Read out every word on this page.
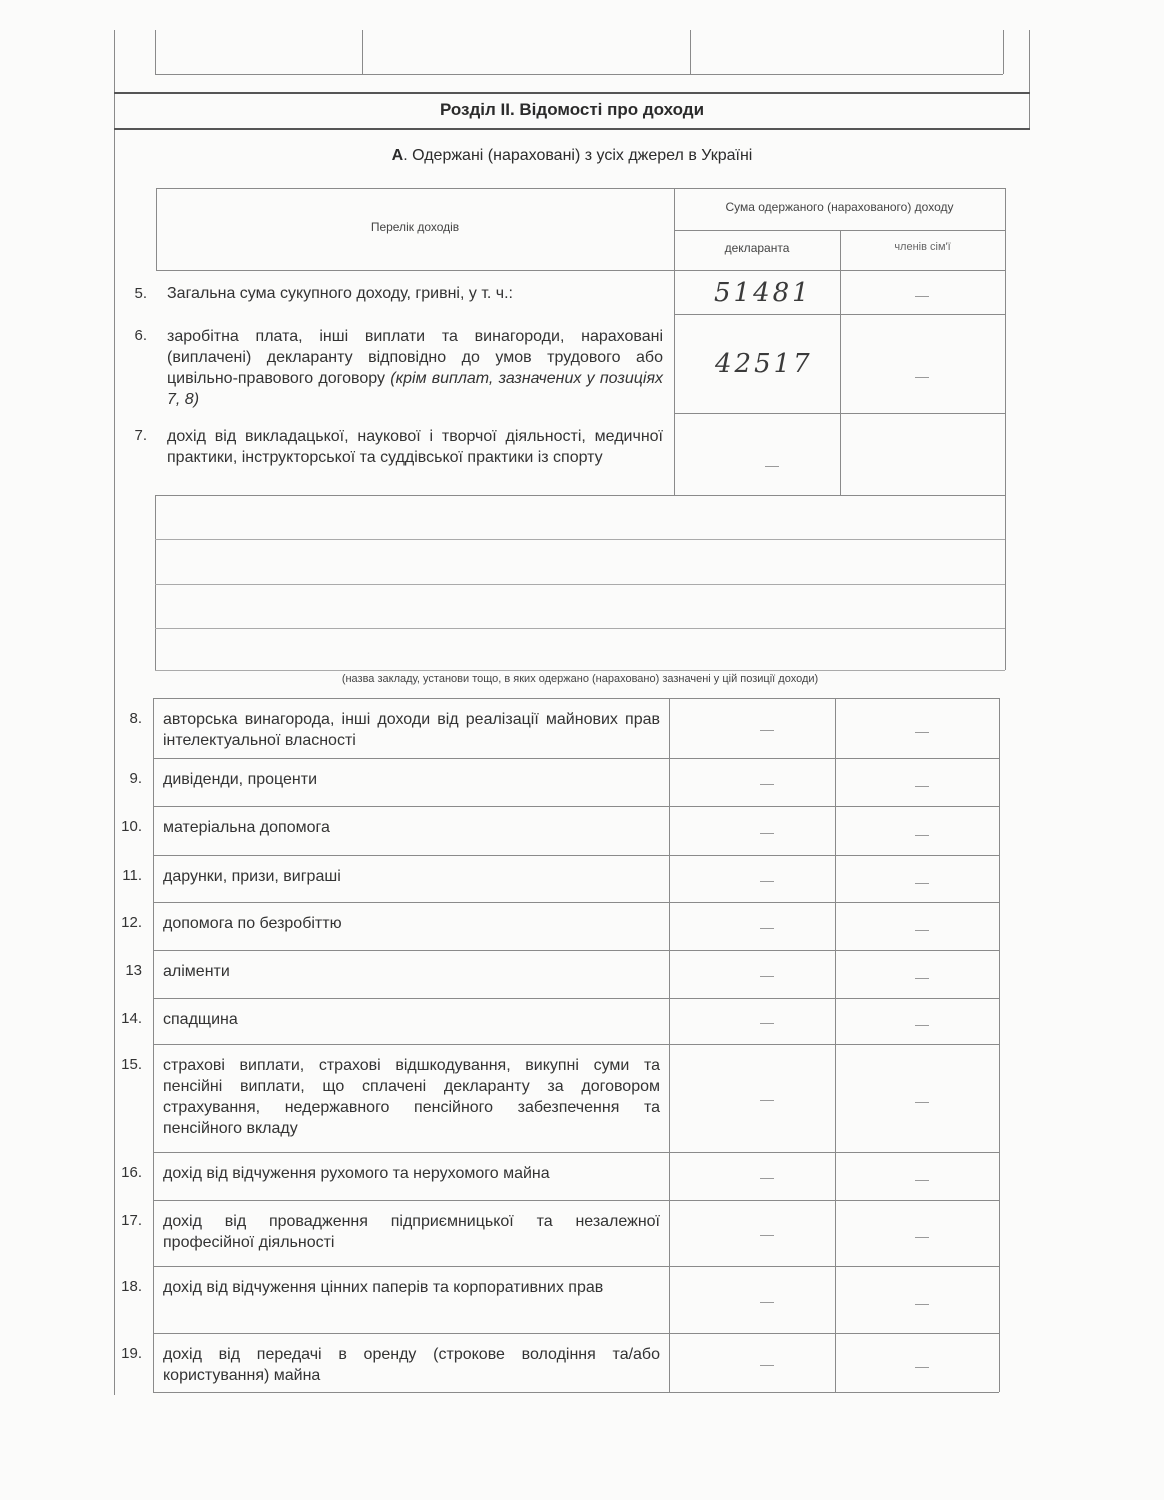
Розділ II. Відомості про доходи
А. Одержані (нараховані) з усіх джерел в Україні
Перелік доходів
Сума одержаного (нарахованого) доходу
декларанта	членів сім'ї
5. Загальна сума сукупного доходу, гривні, у т. ч.:	51481
6. заробітна плата, інші виплати та винагороди, нараховані (виплачені) декларанту відповідно до умов трудового або цивільно-правового договору (крім виплат, зазначених у позиціях 7, 8)
42517
7. дохід від викладацької, наукової і творчої діяльності, медичної практики, інструкторської та суддівської практики із спорту
(назва закладу, установи тощо, в яких одержано (нараховано) зазначені у цій позиції доходи)
8. авторська винагорода, інші доходи від реалізації майнових прав інтелектуальної власності
9. дивіденди, проценти
10. матеріальна допомога
11. дарунки, призи, виграші
12. допомога по безробіттю
13 аліменти
14. спадщина
15. страхові виплати, страхові відшкодування, викупні суми та пенсійні виплати, що сплачені декларанту за договором страхування, недержавного пенсійного забезпечення та пенсійного вкладу
16. дохід від відчуження рухомого та нерухомого майна
17. дохід від провадження підприємницької та незалежної професійної діяльності
18. дохід від відчуження цінних паперів та корпоративних прав
19. дохід від передачі в оренду (строкове володіння та/або користування) майна
